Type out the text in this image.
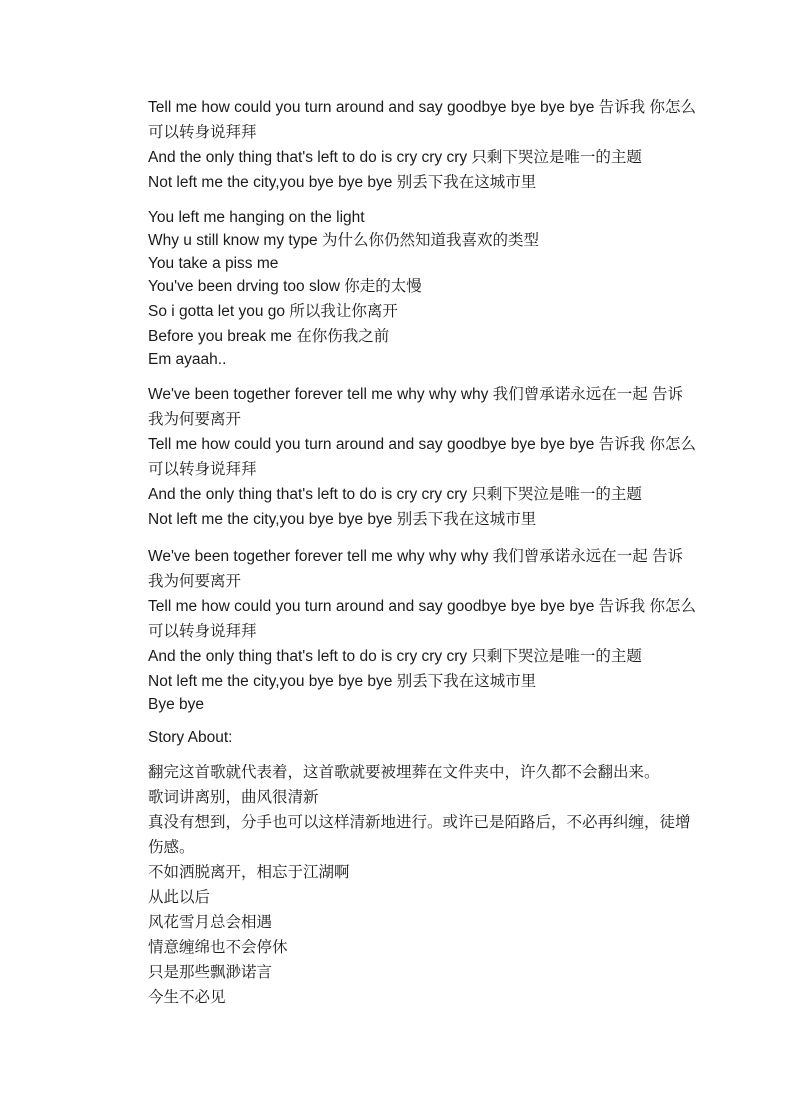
Tell me how could you turn around and say goodbye bye bye bye 告诉我 你怎么
可以转身说拜拜
And the only thing that's left to do is cry cry cry 只剩下哭泣是唯一的主题
Not left me the city,you bye bye bye 别丢下我在这城市里
You left me hanging on the light
Why u still know my type 为什么你仍然知道我喜欢的类型
You take a piss me
You've been drving too slow 你走的太慢
So i gotta let you go 所以我让你离开
Before you break me 在你伤我之前
Em ayaah..
We've been together forever tell me why why why 我们曾承诺永远在一起 告诉
我为何要离开
Tell me how could you turn around and say goodbye bye bye bye 告诉我 你怎么
可以转身说拜拜
And the only thing that's left to do is cry cry cry 只剩下哭泣是唯一的主题
Not left me the city,you bye bye bye 别丢下我在这城市里
We've been together forever tell me why why why 我们曾承诺永远在一起 告诉
我为何要离开
Tell me how could you turn around and say goodbye bye bye bye 告诉我 你怎么
可以转身说拜拜
And the only thing that's left to do is cry cry cry 只剩下哭泣是唯一的主题
Not left me the city,you bye bye bye 别丢下我在这城市里
Bye bye
Story About:
翻完这首歌就代表着，这首歌就要被埋葬在文件夹中，许久都不会翻出来。
歌词讲离别，曲风很清新
真没有想到，分手也可以这样清新地进行。或许已是陌路后，不必再纠缠，徒增
伤感。
不如洒脱离开，相忘于江湖啊
从此以后
风花雪月总会相遇
情意缠绵也不会停休
只是那些飘渺诺言
今生不必见
